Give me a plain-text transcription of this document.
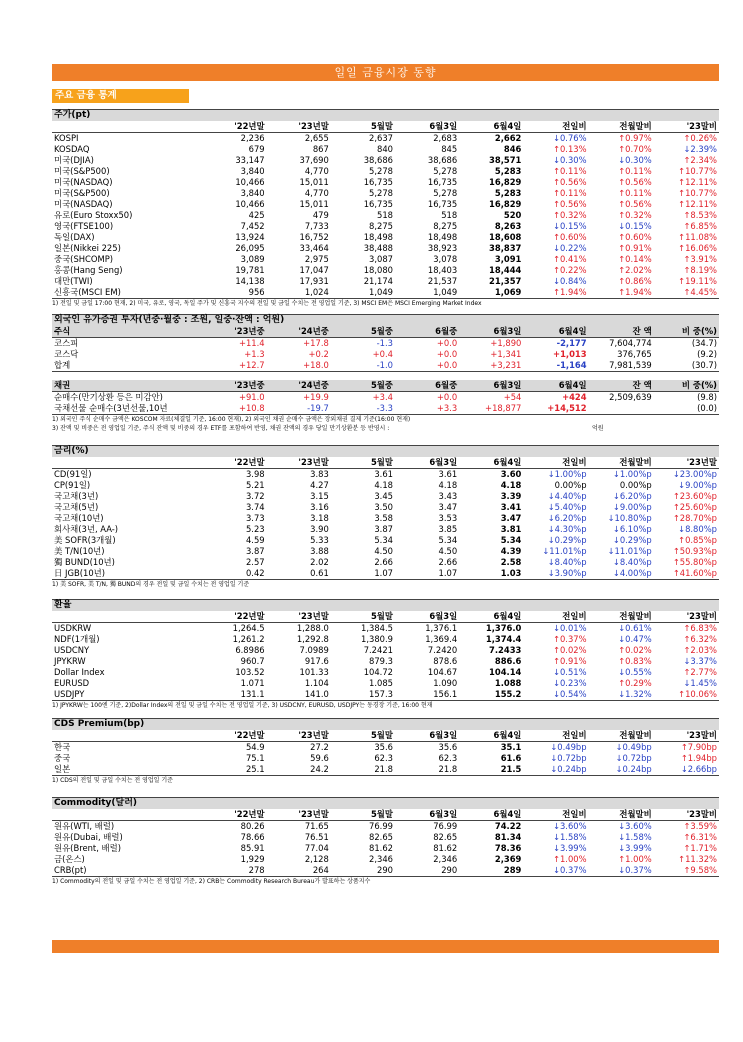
일일 금융시장 동향
주요 금융 통계
주가(pt)
	'22년말	'23년말	5월말	6월3일	6월4일	전일비	전월말비	'23말비
KOSPI	2,236	2,655	2,637	2,683	2,662	↓0.76%	↑0.97%	↑0.26%
KOSDAQ	679	867	840	845	846	↑0.13%	↑0.70%	↓2.39%
미국(DJIA)	33,147	37,690	38,686	38,686	38,571	↓0.30%	↓0.30%	↑2.34%
미국(S&P500)	3,840	4,770	5,278	5,278	5,283	↑0.11%	↑0.11%	↑10.77%
미국(NASDAQ)	10,466	15,011	16,735	16,735	16,829	↑0.56%	↑0.56%	↑12.11%
미국(S&P500)	3,840	4,770	5,278	5,278	5,283	↑0.11%	↑0.11%	↑10.77%
미국(NASDAQ)	10,466	15,011	16,735	16,735	16,829	↑0.56%	↑0.56%	↑12.11%
유로(Euro Stoxx50)	425	479	518	518	520	↑0.32%	↑0.32%	↑8.53%
영국(FTSE100)	7,452	7,733	8,275	8,275	8,263	↓0.15%	↓0.15%	↑6.85%
독일(DAX)	13,924	16,752	18,498	18,498	18,608	↑0.60%	↑0.60%	↑11.08%
일본(Nikkei 225)	26,095	33,464	38,488	38,923	38,837	↓0.22%	↑0.91%	↑16.06%
중국(SHCOMP)	3,089	2,975	3,087	3,078	3,091	↑0.41%	↑0.14%	↑3.91%
홍콩(Hang Seng)	19,781	17,047	18,080	18,403	18,444	↑0.22%	↑2.02%	↑8.19%
대만(TWI)	14,138	17,931	21,174	21,537	21,357	↓0.84%	↑0.86%	↑19.11%
신흥국(MSCI EM)	956	1,024	1,049	1,049	1,069	↑1.94%	↑1.94%	↑4.45%
1) 전일 및 금일 17:00 현재, 2) 미국, 유로, 영국, 독일 주가 및 신흥국 지수의 전일 및 금일 수치는 전 영업일 기준, 3) MSCI EM은 MSCI Emerging Market Index
외국인 유가증권 투자(년중·월중 : 조원, 일중·잔액 : 억원)
주식	'23년중	'24년중	5월중	6월중	6월3일	6월4일	잔 액	비 중(%)
코스피	+11.4	+17.8	-1.3	+0.0	+1,890	-2,177	7,604,774	(34.7)
코스닥	+1.3	+0.2	+0.4	+0.0	+1,341	+1,013	376,765	(9.2)
합계	+12.7	+18.0	-1.0	+0.0	+3,231	-1,164	7,981,539	(30.7)
채권	'23년중	'24년중	5월중	6월중	6월3일	6월4일	잔 액	비 중(%)
순매수(만기상환 등은 미감안)	+91.0	+19.9	+3.4	+0.0	+54	+424	2,509,639	(9.8)
국채선물 순매수(3년선물,10년	+10.8	-19.7	-3.3	+3.3	+18,877	+14,512		(0.0)
1) 외국인 주식 순매수 금액은 KOSCOM 자료(체결일 기준, 16:00 현재), 2) 외국인 채권 순매수 금액은 장외채권 결제 기준(16:00 현재)
3) 잔액 및 비중은 전 영업일 기준, 주식 잔액 및 비중의 경우 ETF를 포함하여 반영, 채권 잔액의 경우 당일 만기상환분 등 반영시 :	억원
금리(%)
	'22년말	'23년말	5월말	6월3일	6월4일	전일비	전월말비	'23년말
CD(91일)	3.98	3.83	3.61	3.61	3.60	↓1.00%p	↓1.00%p	↓23.00%p
CP(91일)	5.21	4.27	4.18	4.18	4.18	0.00%p	0.00%p	↓9.00%p
국고채(3년)	3.72	3.15	3.45	3.43	3.39	↓4.40%p	↓6.20%p	↑23.60%p
국고채(5년)	3.74	3.16	3.50	3.47	3.41	↓5.40%p	↓9.00%p	↑25.60%p
국고채(10년)	3.73	3.18	3.58	3.53	3.47	↓6.20%p	↓10.80%p	↑28.70%p
회사채(3년, AA-)	5.23	3.90	3.87	3.85	3.81	↓4.30%p	↓6.10%p	↓8.80%p
美 SOFR(3개월)	4.59	5.33	5.34	5.34	5.34	↓0.29%p	↓0.29%p	↑0.85%p
美 T/N(10년)	3.87	3.88	4.50	4.50	4.39	↓11.01%p	↓11.01%p	↑50.93%p
獨 BUND(10년)	2.57	2.02	2.66	2.66	2.58	↓8.40%p	↓8.40%p	↑55.80%p
日 JGB(10년)	0.42	0.61	1.07	1.07	1.03	↓3.90%p	↓4.00%p	↑41.60%p
1) 美 SOFR, 美 T/N, 獨 BUND의 경우 전일 및 금일 수치는 전 영업일 기준
환율
	'22년말	'23년말	5월말	6월3일	6월4일	전일비	전월말비	'23말비
USDKRW	1,264.5	1,288.0	1,384.5	1,376.1	1,376.0	↓0.01%	↓0.61%	↑6.83%
NDF(1개월)	1,261.2	1,292.8	1,380.9	1,369.4	1,374.4	↑0.37%	↓0.47%	↑6.32%
USDCNY	6.8986	7.0989	7.2421	7.2420	7.2433	↑0.02%	↑0.02%	↑2.03%
JPYKRW	960.7	917.6	879.3	878.6	886.6	↑0.91%	↑0.83%	↓3.37%
Dollar Index	103.52	101.33	104.72	104.67	104.14	↓0.51%	↓0.55%	↑2.77%
EURUSD	1.071	1.104	1.085	1.090	1.088	↓0.23%	↑0.29%	↓1.45%
USDJPY	131.1	141.0	157.3	156.1	155.2	↓0.54%	↓1.32%	↑10.06%
1) JPYKRW는 100엔 기준, 2)Dollar Index의 전일 및 금일 수치는 전 영업일 기준, 3) USDCNY, EURUSD, USDJPY는 동경장 기준, 16:00 현재
CDS Premium(bp)
	'22년말	'23년말	5월말	6월3일	6월4일	전일비	전월말비	'23말비
한국	54.9	27.2	35.6	35.6	35.1	↓0.49bp	↓0.49bp	↑7.90bp
중국	75.1	59.6	62.3	62.3	61.6	↓0.72bp	↓0.72bp	↑1.94bp
일본	25.1	24.2	21.8	21.8	21.5	↓0.24bp	↓0.24bp	↓2.66bp
1) CDS의 전일 및 금일 수치는 전 영업일 기준
Commodity(달러)
	'22년말	'23년말	5월말	6월3일	6월4일	전일비	전월말비	'23말비
원유(WTI, 배럴)	80.26	71.65	76.99	76.99	74.22	↓3.60%	↓3.60%	↑3.59%
원유(Dubai, 배럴)	78.66	76.51	82.65	82.65	81.34	↓1.58%	↓1.58%	↑6.31%
원유(Brent, 배럴)	85.91	77.04	81.62	81.62	78.36	↓3.99%	↓3.99%	↑1.71%
금(온스)	1,929	2,128	2,346	2,346	2,369	↑1.00%	↑1.00%	↑11.32%
CRB(pt)	278	264	290	290	289	↓0.37%	↓0.37%	↑9.58%
1) Commodity의 전일 및 금일 수치는 전 영업일 기준, 2) CRB는 Commodity Research Bureau가 발표하는 상품지수
